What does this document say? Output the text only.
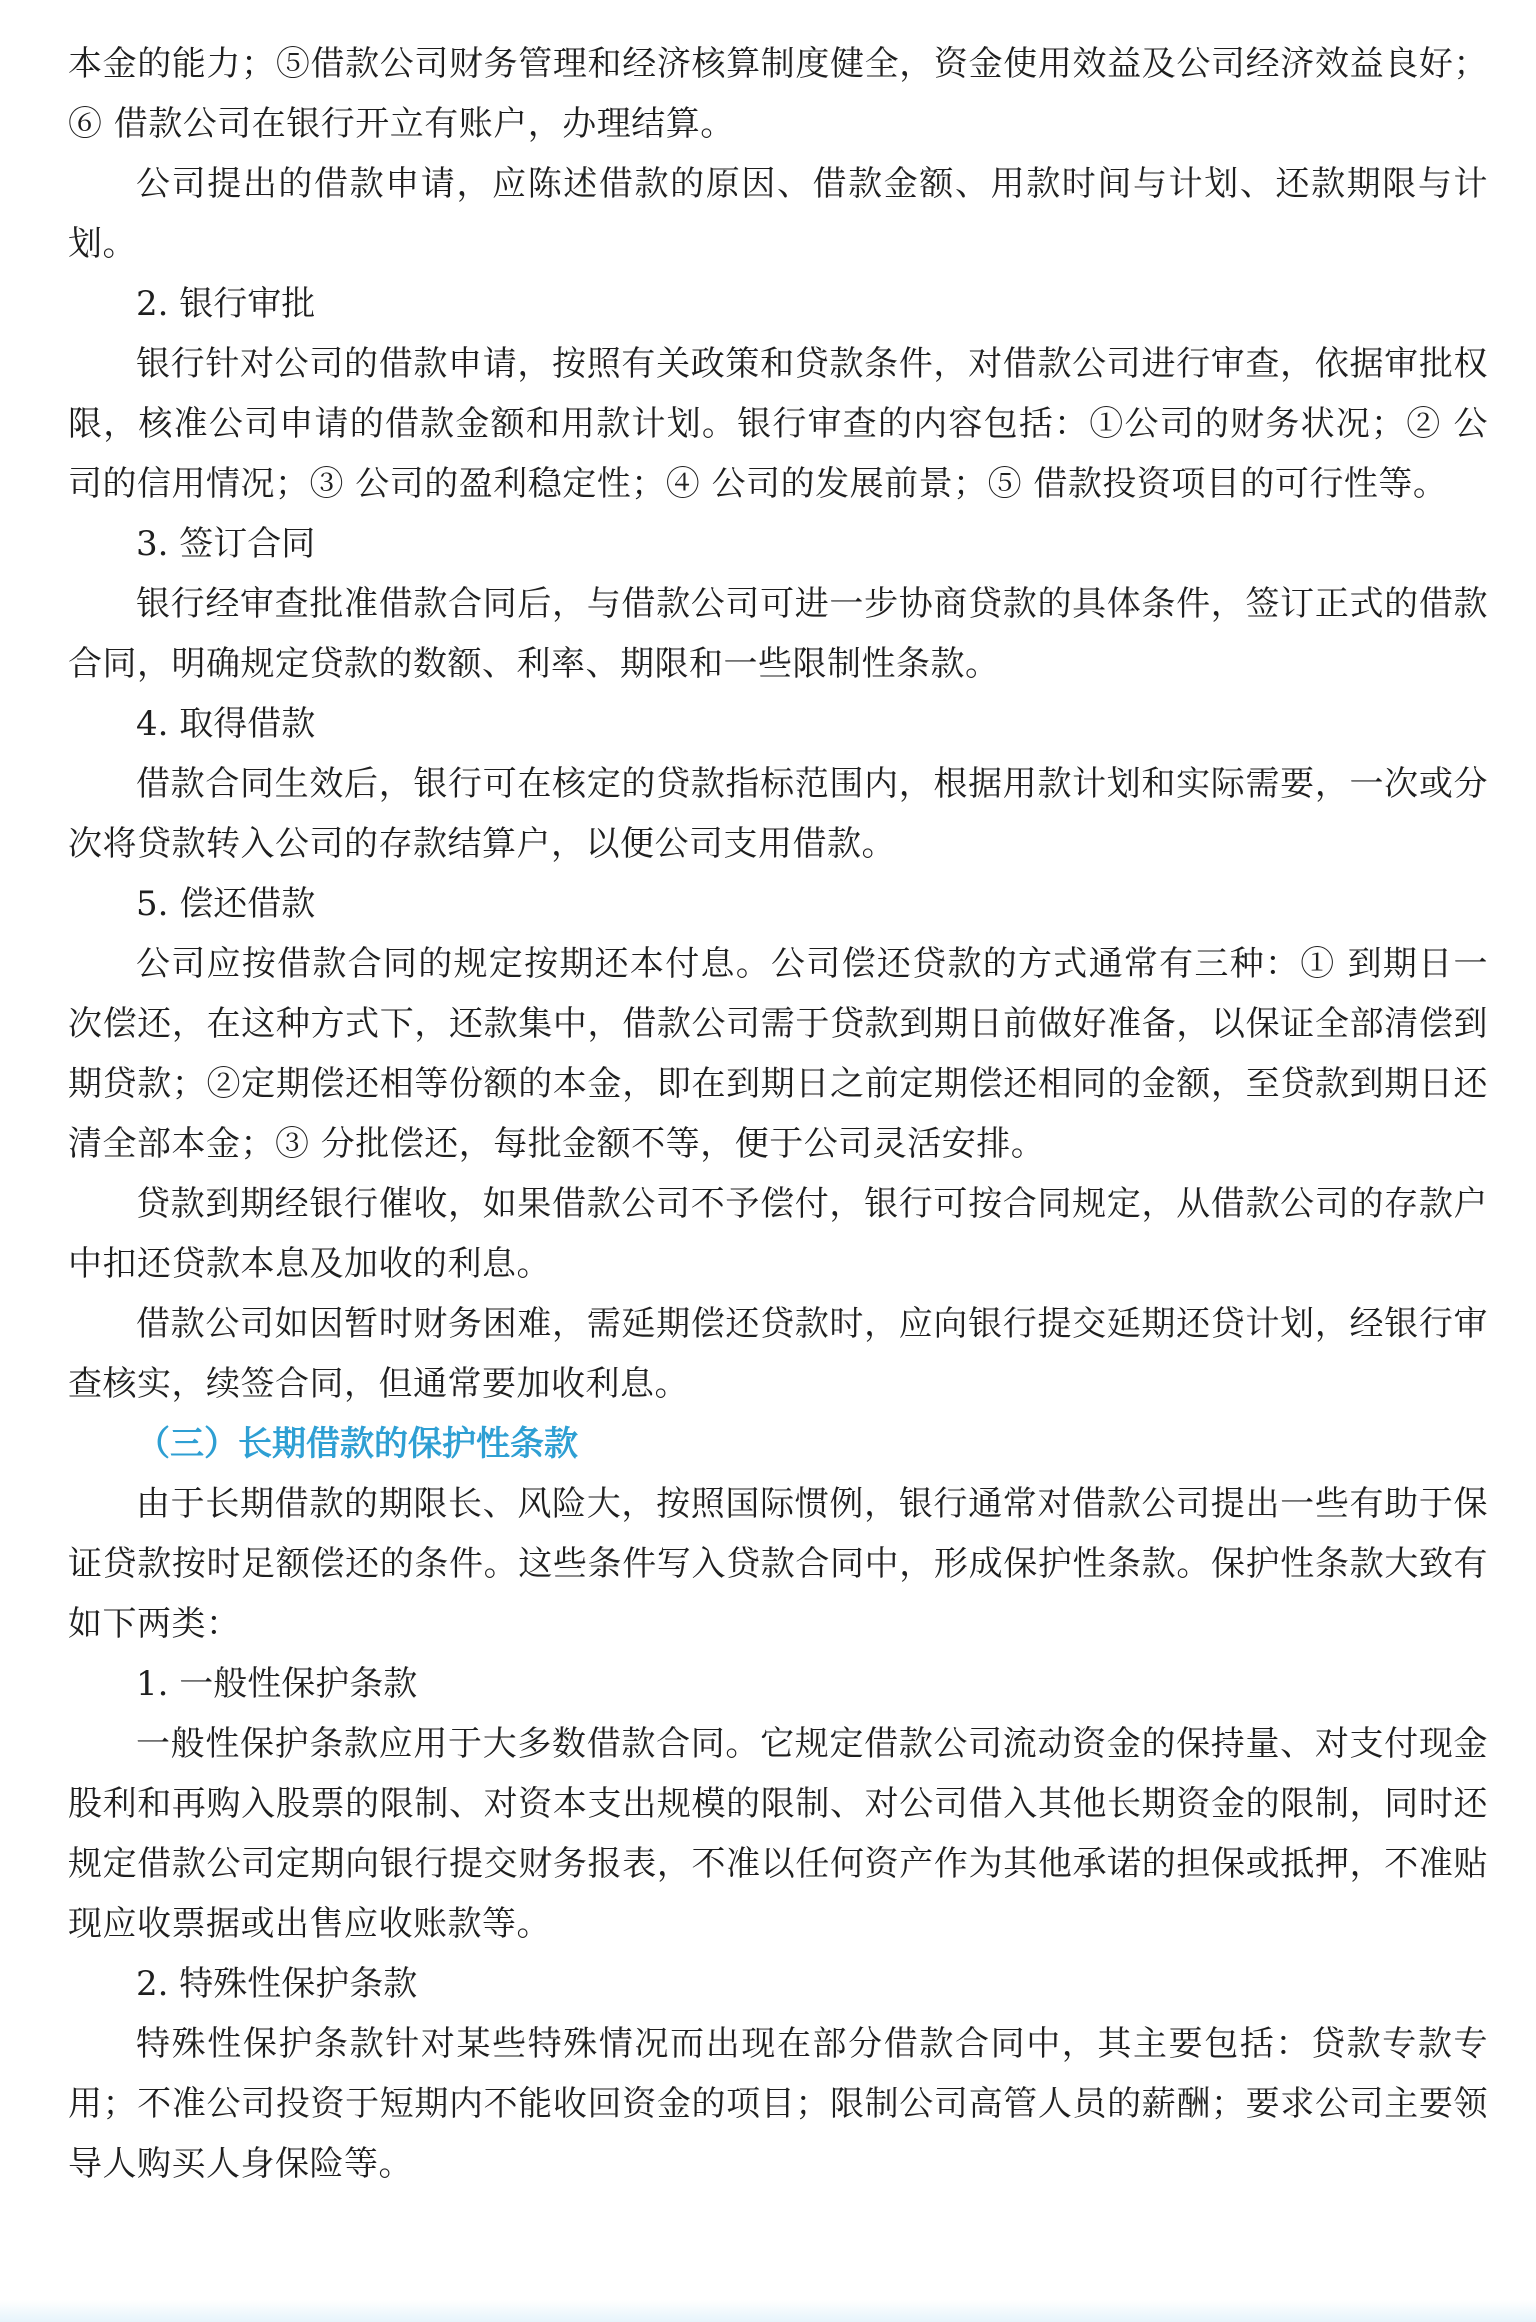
本金的能力；⑤借款公司财务管理和经济核算制度健全，资金使用效益及公司经济效益良好；⑥ 借款公司在银行开立有账户，办理结算。

公司提出的借款申请，应陈述借款的原因、借款金额、用款时间与计划、还款期限与计划。

2. 银行审批

银行针对公司的借款申请，按照有关政策和贷款条件，对借款公司进行审查，依据审批权限，核准公司申请的借款金额和用款计划。银行审查的内容包括：①公司的财务状况；② 公司的信用情况；③ 公司的盈利稳定性；④ 公司的发展前景；⑤ 借款投资项目的可行性等。

3. 签订合同

银行经审查批准借款合同后，与借款公司可进一步协商贷款的具体条件，签订正式的借款合同，明确规定贷款的数额、利率、期限和一些限制性条款。

4. 取得借款

借款合同生效后，银行可在核定的贷款指标范围内，根据用款计划和实际需要，一次或分次将贷款转入公司的存款结算户，以便公司支用借款。

5. 偿还借款

公司应按借款合同的规定按期还本付息。公司偿还贷款的方式通常有三种：① 到期日一次偿还，在这种方式下，还款集中，借款公司需于贷款到期日前做好准备，以保证全部清偿到期贷款；②定期偿还相等份额的本金，即在到期日之前定期偿还相同的金额，至贷款到期日还清全部本金；③ 分批偿还，每批金额不等，便于公司灵活安排。

贷款到期经银行催收，如果借款公司不予偿付，银行可按合同规定，从借款公司的存款户中扣还贷款本息及加收的利息。

借款公司如因暂时财务困难，需延期偿还贷款时，应向银行提交延期还贷计划，经银行审查核实，续签合同，但通常要加收利息。

（三）长期借款的保护性条款

由于长期借款的期限长、风险大，按照国际惯例，银行通常对借款公司提出一些有助于保证贷款按时足额偿还的条件。这些条件写入贷款合同中，形成保护性条款。保护性条款大致有如下两类：

1. 一般性保护条款

一般性保护条款应用于大多数借款合同。它规定借款公司流动资金的保持量、对支付现金股利和再购入股票的限制、对资本支出规模的限制、对公司借入其他长期资金的限制，同时还规定借款公司定期向银行提交财务报表，不准以任何资产作为其他承诺的担保或抵押，不准贴现应收票据或出售应收账款等。

2. 特殊性保护条款

特殊性保护条款针对某些特殊情况而出现在部分借款合同中，其主要包括：贷款专款专用；不准公司投资于短期内不能收回资金的项目；限制公司高管人员的薪酬；要求公司主要领导人购买人身保险等。
